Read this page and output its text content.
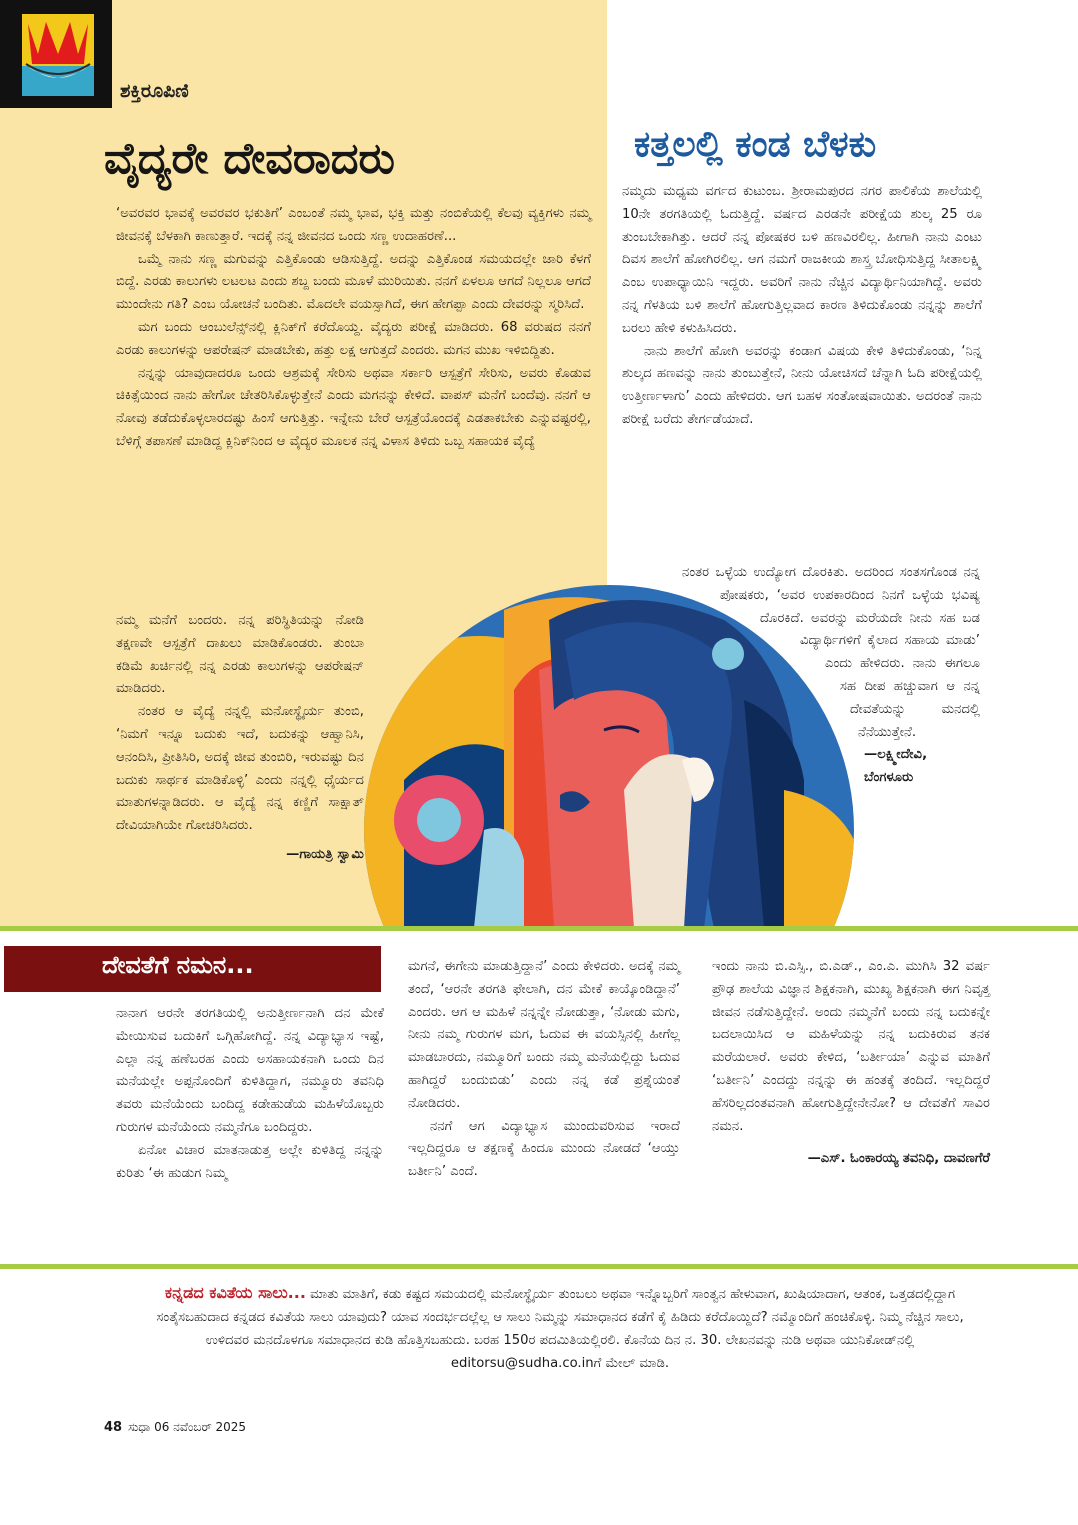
ಶಕ್ತಿರೂಪಿಣಿ
ವೈದ್ಯರೇ ದೇವರಾದರು

‘ಅವರವರ ಭಾವಕ್ಕೆ ಅವರವರ ಭಕುತಿಗೆ’ ಎಂಬಂತೆ ನಮ್ಮ ಭಾವ, ಭಕ್ತಿ ಮತ್ತು ನಂಬಿಕೆಯಲ್ಲಿ ಕೆಲವು ವ್ಯಕ್ತಿಗಳು ನಮ್ಮ ಜೀವನಕ್ಕೆ ಬೆಳಕಾಗಿ ಕಾಣುತ್ತಾರೆ. ಇದಕ್ಕೆ ನನ್ನ ಜೀವನದ ಒಂದು ಸಣ್ಣ ಉದಾಹರಣೆ...

ಒಮ್ಮೆ ನಾನು ಸಣ್ಣ ಮಗುವನ್ನು ಎತ್ತಿಕೊಂಡು ಆಡಿಸುತ್ತಿದ್ದೆ. ಅದನ್ನು ಎತ್ತಿಕೊಂಡ ಸಮಯದಲ್ಲೇ ಜಾರಿ ಕೆಳಗೆ ಬಿದ್ದೆ. ಎರಡು ಕಾಲುಗಳು ಲಟಲಟ ಎಂದು ಶಬ್ದ ಬಂದು ಮೂಳೆ ಮುರಿಯಿತು. ನನಗೆ ಏಳಲೂ ಆಗದೆ ನಿಲ್ಲಲೂ ಆಗದೆ ಮುಂದೇನು ಗತಿ? ಎಂಬ ಯೋಚನೆ ಬಂದಿತು. ಮೊದಲೇ ವಯಸ್ಸಾಗಿದೆ, ಈಗ ಹೇಗಪ್ಪಾ ಎಂದು ದೇವರನ್ನು ಸ್ಮರಿಸಿದೆ.

ಮಗ ಬಂದು ಆಂಬುಲೆನ್ಸ್‌ನಲ್ಲಿ ಕ್ಲಿನಿಕ್‌ಗೆ ಕರೆದೊಯ್ದ. ವೈದ್ಯರು ಪರೀಕ್ಷೆ ಮಾಡಿದರು. 68 ವರುಷದ ನನಗೆ ಎರಡು ಕಾಲುಗಳನ್ನು ಆಪರೇಷನ್ ಮಾಡಬೇಕು, ಹತ್ತು ಲಕ್ಷ ಆಗುತ್ತದೆ ಎಂದರು. ಮಗನ ಮುಖ ಇಳಿಬಿದ್ದಿತು.

ನನ್ನನ್ನು ಯಾವುದಾದರೂ ಒಂದು ಆಶ್ರಮಕ್ಕೆ ಸೇರಿಸು ಅಥವಾ ಸರ್ಕಾರಿ ಆಸ್ಪತ್ರೆಗೆ ಸೇರಿಸು, ಅವರು ಕೊಡುವ ಚಿಕಿತ್ಸೆಯಿಂದ ನಾನು ಹೇಗೋ ಚೇತರಿಸಿಕೊಳ್ಳುತ್ತೇನೆ ಎಂದು ಮಗನನ್ನು ಕೇಳಿದೆ. ವಾಪಸ್ ಮನೆಗೆ ಬಂದೆವು. ನನಗೆ ಆ ನೋವು ತಡೆದುಕೊಳ್ಳಲಾರದಷ್ಟು ಹಿಂಸೆ ಆಗುತ್ತಿತ್ತು. ಇನ್ನೇನು ಬೇರೆ ಆಸ್ಪತ್ರೆಯೊಂದಕ್ಕೆ ಎಡತಾಕಬೇಕು ಎನ್ನುವಷ್ಟರಲ್ಲಿ, ಬೆಳಿಗ್ಗೆ ತಪಾಸಣೆ ಮಾಡಿದ್ದ ಕ್ಲಿನಿಕ್‌ನಿಂದ ಆ ವೈದ್ಯರ ಮೂಲಕ ನನ್ನ ವಿಳಾಸ ತಿಳಿದು ಒಬ್ಬ ಸಹಾಯಕ ವೈದ್ಯೆ

ನಮ್ಮ ಮನೆಗೆ ಬಂದರು. ನನ್ನ ಪರಿಸ್ಥಿತಿಯನ್ನು ನೋಡಿ ತಕ್ಷಣವೇ ಆಸ್ಪತ್ರೆಗೆ ದಾಖಲು ಮಾಡಿಕೊಂಡರು. ತುಂಬಾ ಕಡಿಮೆ ಖರ್ಚಿನಲ್ಲಿ ನನ್ನ ಎರಡು ಕಾಲುಗಳನ್ನು ಆಪರೇಷನ್ ಮಾಡಿದರು.

ನಂತರ ಆ ವೈದ್ಯೆ ನನ್ನಲ್ಲಿ ಮನೋಸ್ಥೈರ್ಯ ತುಂಬಿ, ‘ನಿಮಗೆ ಇನ್ನೂ ಬದುಕು ಇದೆ, ಬದುಕನ್ನು ಆಹ್ವಾನಿಸಿ, ಆನಂದಿಸಿ, ಪ್ರೀತಿಸಿರಿ, ಅದಕ್ಕೆ ಜೀವ ತುಂಬಿರಿ, ಇರುವಷ್ಟು ದಿನ ಬದುಕು ಸಾರ್ಥಕ ಮಾಡಿಕೊಳ್ಳಿ’ ಎಂದು ನನ್ನಲ್ಲಿ ಧೈರ್ಯದ ಮಾತುಗಳನ್ನಾಡಿದರು. ಆ ವೈದ್ಯೆ ನನ್ನ ಕಣ್ಣಿಗೆ ಸಾಕ್ಷಾತ್ ದೇವಿಯಾಗಿಯೇ ಗೋಚರಿಸಿದರು.

—ಗಾಯತ್ರಿ ಸ್ವಾಮಿ
ಕತ್ತಲಲ್ಲಿ ಕಂಡ ಬೆಳಕು

ನಮ್ಮದು ಮಧ್ಯಮ ವರ್ಗದ ಕುಟುಂಬ. ಶ್ರೀರಾಮಪುರದ ನಗರ ಪಾಲಿಕೆಯ ಶಾಲೆಯಲ್ಲಿ 10ನೇ ತರಗತಿಯಲ್ಲಿ ಓದುತ್ತಿದ್ದೆ. ವರ್ಷದ ಎರಡನೇ ಪರೀಕ್ಷೆಯ ಶುಲ್ಕ 25 ರೂ ತುಂಬಬೇಕಾಗಿತ್ತು. ಆದರೆ ನನ್ನ ಪೋಷಕರ ಬಳಿ ಹಣವಿರಲಿಲ್ಲ. ಹೀಗಾಗಿ ನಾನು ಎಂಟು ದಿವಸ ಶಾಲೆಗೆ ಹೋಗಿರಲಿಲ್ಲ. ಆಗ ನಮಗೆ ರಾಜಕೀಯ ಶಾಸ್ತ್ರ ಬೋಧಿಸುತ್ತಿದ್ದ ಸೀತಾಲಕ್ಷ್ಮಿ ಎಂಬ ಉಪಾಧ್ಯಾಯಿನಿ ಇದ್ದರು. ಅವರಿಗೆ ನಾನು ನೆಚ್ಚಿನ ವಿದ್ಯಾರ್ಥಿನಿಯಾಗಿದ್ದೆ. ಅವರು ನನ್ನ ಗೆಳತಿಯ ಬಳಿ ಶಾಲೆಗೆ ಹೋಗುತ್ತಿಲ್ಲವಾದ ಕಾರಣ ತಿಳಿದುಕೊಂಡು ನನ್ನನ್ನು ಶಾಲೆಗೆ ಬರಲು ಹೇಳಿ ಕಳುಹಿಸಿದರು.

ನಾನು ಶಾಲೆಗೆ ಹೋಗಿ ಅವರನ್ನು ಕಂಡಾಗ ವಿಷಯ ಕೇಳಿ ತಿಳಿದುಕೊಂಡು, ‘ನಿನ್ನ ಶುಲ್ಕದ ಹಣವನ್ನು ನಾನು ತುಂಬುತ್ತೇನೆ, ನೀನು ಯೋಚಿಸದೆ ಚೆನ್ನಾಗಿ ಓದಿ ಪರೀಕ್ಷೆಯಲ್ಲಿ ಉತ್ತೀರ್ಣಳಾಗು’ ಎಂದು ಹೇಳಿದರು. ಆಗ ಬಹಳ ಸಂತೋಷವಾಯಿತು. ಅದರಂತೆ ನಾನು ಪರೀಕ್ಷೆ ಬರೆದು ತೇರ್ಗಡೆಯಾದೆ.

ನಂತರ ಒಳ್ಳೆಯ ಉದ್ಯೋಗ ದೊರಕಿತು. ಅದರಿಂದ ಸಂತಸಗೊಂಡ ನನ್ನ ಪೋಷಕರು, ‘ಅವರ ಉಪಕಾರದಿಂದ ನಿನಗೆ ಒಳ್ಳೆಯ ಭವಿಷ್ಯ ದೊರಕಿದೆ. ಅವರನ್ನು ಮರೆಯದೇ ನೀನು ಸಹ ಬಡ ವಿದ್ಯಾರ್ಥಿಗಳಿಗೆ ಕೈಲಾದ ಸಹಾಯ ಮಾಡು’ ಎಂದು ಹೇಳಿದರು. ನಾನು ಈಗಲೂ ಸಹ ದೀಪ ಹಚ್ಚುವಾಗ ಆ ನನ್ನ ದೇವತೆಯನ್ನು ಮನದಲ್ಲಿ ನೆನೆಯುತ್ತೇನೆ.

—ಲಕ್ಷ್ಮೀದೇವಿ,
ಬೆಂಗಳೂರು
ದೇವತೆಗೆ ನಮನ...

ನಾನಾಗ ಆರನೇ ತರಗತಿಯಲ್ಲಿ ಅನುತ್ತೀರ್ಣನಾಗಿ ದನ ಮೇಕೆ ಮೇಯಿಸುವ ಬದುಕಿಗೆ ಒಗ್ಗಿಹೋಗಿದ್ದೆ. ನನ್ನ ವಿದ್ಯಾಭ್ಯಾಸ ಇಷ್ಟೆ, ಎಲ್ಲಾ ನನ್ನ ಹಣೆಬರಹ ಎಂದು ಅಸಹಾಯಕನಾಗಿ ಒಂದು ದಿನ ಮನೆಯಲ್ಲೇ ಅಪ್ಪನೊಂದಿಗೆ ಕುಳಿತಿದ್ದಾಗ, ನಮ್ಮೂರು ತವನಿಧಿ ತವರು ಮನೆಯೆಂದು ಬಂದಿದ್ದ ಕಡೇಹುಡೆಯ ಮಹಿಳೆಯೊಬ್ಬರು ಗುರುಗಳ ಮನೆಯೆಂದು ನಮ್ಮನೆಗೂ ಬಂದಿದ್ದರು.

ಏನೋ ವಿಚಾರ ಮಾತನಾಡುತ್ತ ಅಲ್ಲೇ ಕುಳಿತಿದ್ದ ನನ್ನನ್ನು ಕುರಿತು ‘ಈ ಹುಡುಗ ನಿಮ್ಮ

ಮಗನೆ, ಈಗೇನು ಮಾಡುತ್ತಿದ್ದಾನೆ’ ಎಂದು ಕೇಳಿದರು. ಅದಕ್ಕೆ ನಮ್ಮ ತಂದೆ, ‘ಆರನೇ ತರಗತಿ ಫೇಲಾಗಿ, ದನ ಮೇಕೆ ಕಾಯ್ಕೊಂಡಿದ್ದಾನೆ’ ಎಂದರು. ಆಗ ಆ ಮಹಿಳೆ ನನ್ನನ್ನೇ ನೋಡುತ್ತಾ, ‘ನೋಡು ಮಗು, ನೀನು ನಮ್ಮ ಗುರುಗಳ ಮಗ, ಓದುವ ಈ ವಯಸ್ಸಿನಲ್ಲಿ ಹೀಗೆಲ್ಲ ಮಾಡಬಾರದು, ನಮ್ಮೂರಿಗೆ ಬಂದು ನಮ್ಮ ಮನೆಯಲ್ಲಿದ್ದು ಓದುವ ಹಾಗಿದ್ದರೆ ಬಂದುಬಿಡು’ ಎಂದು ನನ್ನ ಕಡೆ ಪ್ರಶ್ನೆಯಂತೆ ನೋಡಿದರು.

ನನಗೆ ಆಗ ವಿದ್ಯಾಭ್ಯಾಸ ಮುಂದುವರಿಸುವ ಇರಾದೆ ಇಲ್ಲದಿದ್ದರೂ ಆ ತಕ್ಷಣಕ್ಕೆ ಹಿಂದೂ ಮುಂದು ನೋಡದೆ ‘ಆಯ್ತು ಬರ್ತೀನಿ’ ಎಂದೆ.

ಇಂದು ನಾನು ಬಿ.ಎಸ್ಸಿ., ಬಿ.ಎಡ್., ಎಂ.ಎ. ಮುಗಿಸಿ 32 ವರ್ಷ ಪ್ರೌಢ ಶಾಲೆಯ ವಿಜ್ಞಾನ ಶಿಕ್ಷಕನಾಗಿ, ಮುಖ್ಯ ಶಿಕ್ಷಕನಾಗಿ ಈಗ ನಿವೃತ್ತ ಜೀವನ ನಡೆಸುತ್ತಿದ್ದೇನೆ. ಅಂದು ನಮ್ಮನೆಗೆ ಬಂದು ನನ್ನ ಬದುಕನ್ನೇ ಬದಲಾಯಿಸಿದ ಆ ಮಹಿಳೆಯನ್ನು ನನ್ನ ಬದುಕಿರುವ ತನಕ ಮರೆಯಲಾರೆ. ಅವರು ಕೇಳಿದ, ‘ಬರ್ತೀಯಾ’ ಎನ್ನುವ ಮಾತಿಗೆ ‘ಬರ್ತೀನಿ’ ಎಂದದ್ದು ನನ್ನನ್ನು ಈ ಹಂತಕ್ಕೆ ತಂದಿದೆ. ಇಲ್ಲದಿದ್ದರೆ ಹೆಸರಿಲ್ಲದಂತವನಾಗಿ ಹೋಗುತ್ತಿದ್ದೇನೇನೋ? ಆ ದೇವತೆಗೆ ಸಾವಿರ ನಮನ.

—ಎಸ್. ಓಂಕಾರಯ್ಯ ತವನಿಧಿ, ದಾವಣಗೆರೆ
ಕನ್ನಡದ ಕವಿತೆಯ ಸಾಲು... ಮಾತು ಮಾತಿಗೆ, ಕಡು ಕಷ್ಟದ ಸಮಯದಲ್ಲಿ ಮನೋಸ್ಥೈರ್ಯ ತುಂಬಲು ಅಥವಾ ಇನ್ನೊಬ್ಬರಿಗೆ ಸಾಂತ್ವನ ಹೇಳುವಾಗ, ಖುಷಿಯಾದಾಗ, ಆತಂಕ, ಒತ್ತಡದಲ್ಲಿದ್ದಾಗ ಸಂತೈಸಬಹುದಾದ ಕನ್ನಡದ ಕವಿತೆಯ ಸಾಲು ಯಾವುದು? ಯಾವ ಸಂದರ್ಭದಲ್ಲೆಲ್ಲ ಆ ಸಾಲು ನಿಮ್ಮನ್ನು ಸಮಾಧಾನದ ಕಡೆಗೆ ಕೈ ಹಿಡಿದು ಕರೆದೊಯ್ದಿದೆ? ನಮ್ಮೊಂದಿಗೆ ಹಂಚಿಕೊಳ್ಳಿ. ನಿಮ್ಮ ನೆಚ್ಚಿನ ಸಾಲು, ಉಳಿದವರ ಮನದೊಳಗೂ ಸಮಾಧಾನದ ಕುಡಿ ಹೊತ್ತಿಸಬಹುದು. ಬರಹ 150ರ ಪದಮಿತಿಯಲ್ಲಿರಲಿ. ಕೊನೆಯ ದಿನ ನ. 30. ಲೇಖನವನ್ನು ನುಡಿ ಅಥವಾ ಯುನಿಕೋಡ್‌ನಲ್ಲಿ editorsu@sudha.co.inಗೆ ಮೇಲ್ ಮಾಡಿ.
48 ಸುಧಾ 06 ನವೆಂಬರ್ 2025
